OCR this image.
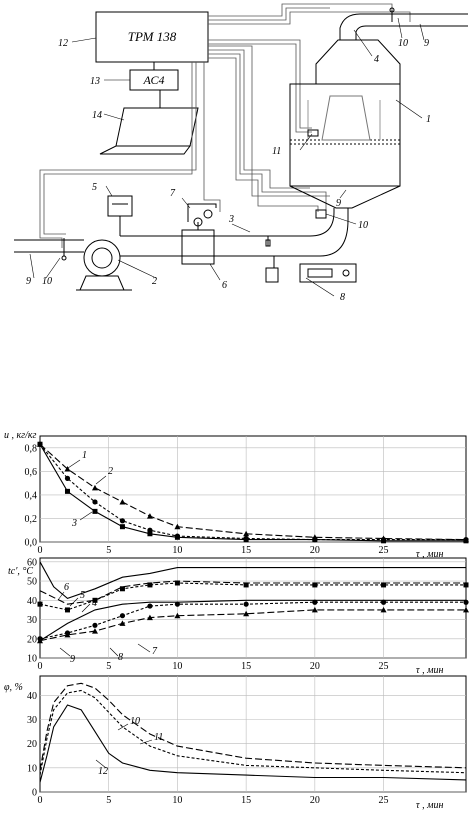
ТРМ 138
АС4
1
2
3
4
5
6
7
8
9
10
11
12
13
14
9
10
9 10
0	5	10	15	20	25
0,0
0,2
0,4
0,6
0,8
u , кг/кг
τ , мин
1
2
3
0	5	10	15	20	25
10
20
30
40
50
60
tc′, °C
τ , мин
4
5
6
7
8
9
0	5	10	15	20	25
0
10
20
30
40
φ, %
τ , мин
10
11
12
